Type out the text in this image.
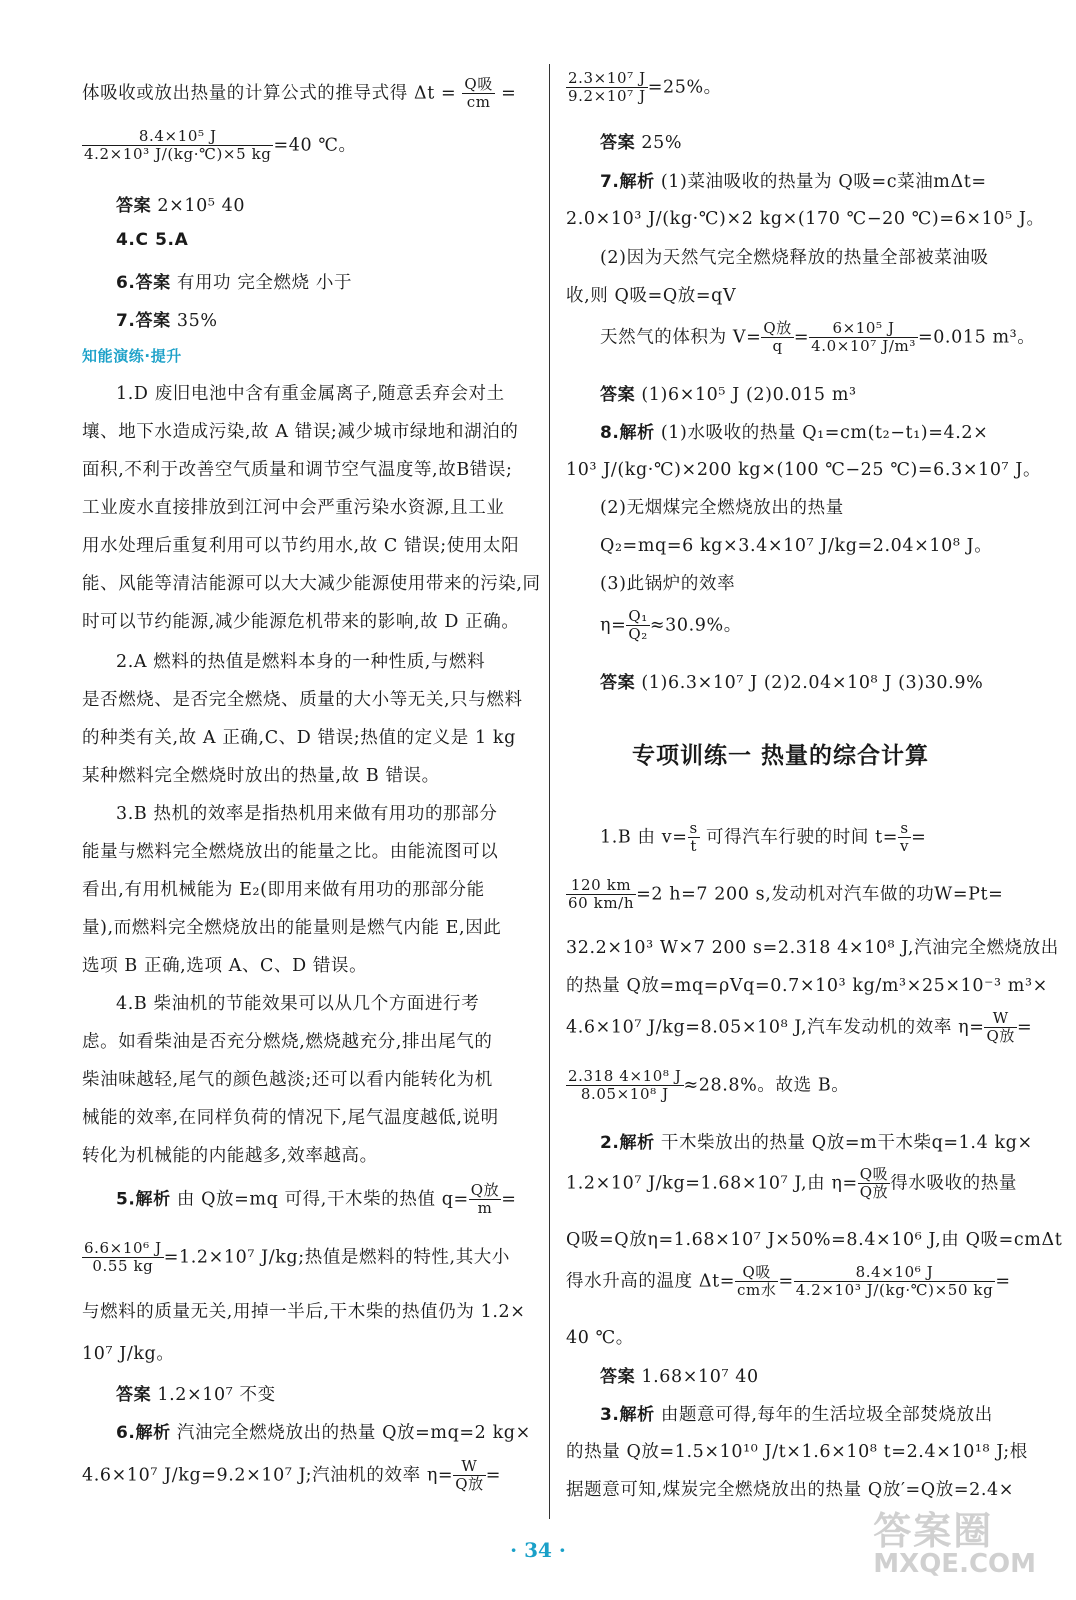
体吸收或放出热量的计算公式的推导式得 $\Delta t = \frac{\text{Q吸}}{cm}$ =
$\frac{\text{8.4×10⁵ J}}{\text{4.2×10³ J/(kg·℃)×5 kg}} =40$ ℃。
答案 2×10⁵ 40
4.C 5.A
6.答案 有用功 完全燃烧 小于
7.答案 35%
知能演练·提升
1.D 废旧电池中含有重金属离子,随意丢弃会对土
壤、地下水造成污染,故 A 错误;减少城市绿地和湖泊的
面积,不利于改善空气质量和调节空气温度等,故B错误;
工业废水直接排放到江河中会严重污染水资源,且工业
用水处理后重复利用可以节约用水,故 C 错误;使用太阳
能、风能等清洁能源可以大大减少能源使用带来的污染,同
时可以节约能源,减少能源危机带来的影响,故 D 正确。
2.A 燃料的热值是燃料本身的一种性质,与燃料
是否燃烧、是否完全燃烧、质量的大小等无关,只与燃料
的种类有关,故 A 正确,C、D 错误;热值的定义是 1 kg
某种燃料完全燃烧时放出的热量,故 B 错误。
3.B 热机的效率是指热机用来做有用功的那部分
能量与燃料完全燃烧放出的能量之比。由能流图可以
看出,有用机械能为 E₂(即用来做有用功的那部分能
量),而燃料完全燃烧放出的能量则是燃气内能 E,因此
选项 B 正确,选项 A、C、D 错误。
4.B 柴油机的节能效果可以从几个方面进行考
虑。如看柴油是否充分燃烧,燃烧越充分,排出尾气的
柴油味越轻,尾气的颜色越淡;还可以看内能转化为机
械能的效率,在同样负荷的情况下,尾气温度越低,说明
转化为机械能的内能越多,效率越高。
5.解析 由 Q放=mq 可得,干木柴的热值 $q= \frac{\text{Q放}}{m}$ =
$\frac{\text{6.6×10⁶ J}}{0.55 kg} =1.2\times 10^7$ J/kg;热值是燃料的特性,其大小
与燃料的质量无关,用掉一半后,干木柴的热值仍为 1.2×
10⁷ J/kg。
答案 1.2×10⁷ 不变
6.解析 汽油完全燃烧放出的热量 Q放=mq=2 kg×
4.6×10⁷ J/kg=9.2×10⁷ J;汽油机的效率 $\eta= \frac{W}{\text{Q放}}$ =
$\frac{\text{2.3×10⁷ J}}{\text{9.2×10⁷ J}} =25\%$。
答案 25%
7.解析 (1)菜油吸收的热量为 Q吸=c菜油mΔt=
2.0×10³ J/(kg·℃)×2 kg×(170 ℃−20 ℃)=6×10⁵ J。
(2)因为天然气完全燃烧释放的热量全部被菜油吸
收,则 Q吸=Q放=qV
天然气的体积为 $V= \frac{\text{Q放}}{q} = \frac{\text{6×10⁵ J}}{\text{4.0×10⁷ J/m³}} =0.015$ m³。
答案 (1)6×10⁵ J (2)0.015 m³
8.解析 (1)水吸收的热量 Q₁=cm(t₂−t₁)=4.2×
10³ J/(kg·℃)×200 kg×(100 ℃−25 ℃)=6.3×10⁷ J。
(2)无烟煤完全燃烧放出的热量
Q₂=mq=6 kg×3.4×10⁷ J/kg=2.04×10⁸ J。
(3)此锅炉的效率
$\eta= \frac{\text{Q₁}}{\text{Q₂}} \approx 30.9\%$。
答案 (1)6.3×10⁷ J (2)2.04×10⁸ J (3)30.9%
专项训练一 热量的综合计算
1.B 由 $v= \frac{s}{t}$ 可得汽车行驶的时间 $t= \frac{s}{v}$ =
$\frac{120 km}{60 km/h} =2$ h=7 200 s,发动机对汽车做的功W=Pt=
32.2×10³ W×7 200 s=2.318 4×10⁸ J,汽油完全燃烧放出
的热量 Q放=mq=ρVq=0.7×10³ kg/m³×25×10⁻³ m³×
4.6×10⁷ J/kg=8.05×10⁸ J,汽车发动机的效率 $\eta= \frac{W}{\text{Q放}}$ =
$\frac{\text{2.318 4×10⁸ J}}{\text{8.05×10⁸ J}} \approx 28.8\%$。故选 B。
2.解析 干木柴放出的热量 Q放=m干木柴q=1.4 kg×
1.2×10⁷ J/kg=1.68×10⁷ J,由 $\eta= \frac{\text{Q吸}}{\text{Q放}}$ 得水吸收的热量
Q吸=Q放η=1.68×10⁷ J×50%=8.4×10⁶ J,由 Q吸=cmΔt
得水升高的温度 $\Delta t= \frac{\text{Q吸}}{\text{cm水}} = \frac{\text{8.4×10⁶ J}}{\text{4.2×10³ J/(kg·℃)×50 kg}}$ =
40 ℃。
答案 1.68×10⁷ 40
3.解析 由题意可得,每年的生活垃圾全部焚烧放出
的热量 Q放=1.5×10¹⁰ J/t×1.6×10⁸ t=2.4×10¹⁸ J;根
据题意可知,煤炭完全燃烧放出的热量 Q放′=Q放=2.4×
· 34 ·	答案圈
MXQE.COM
